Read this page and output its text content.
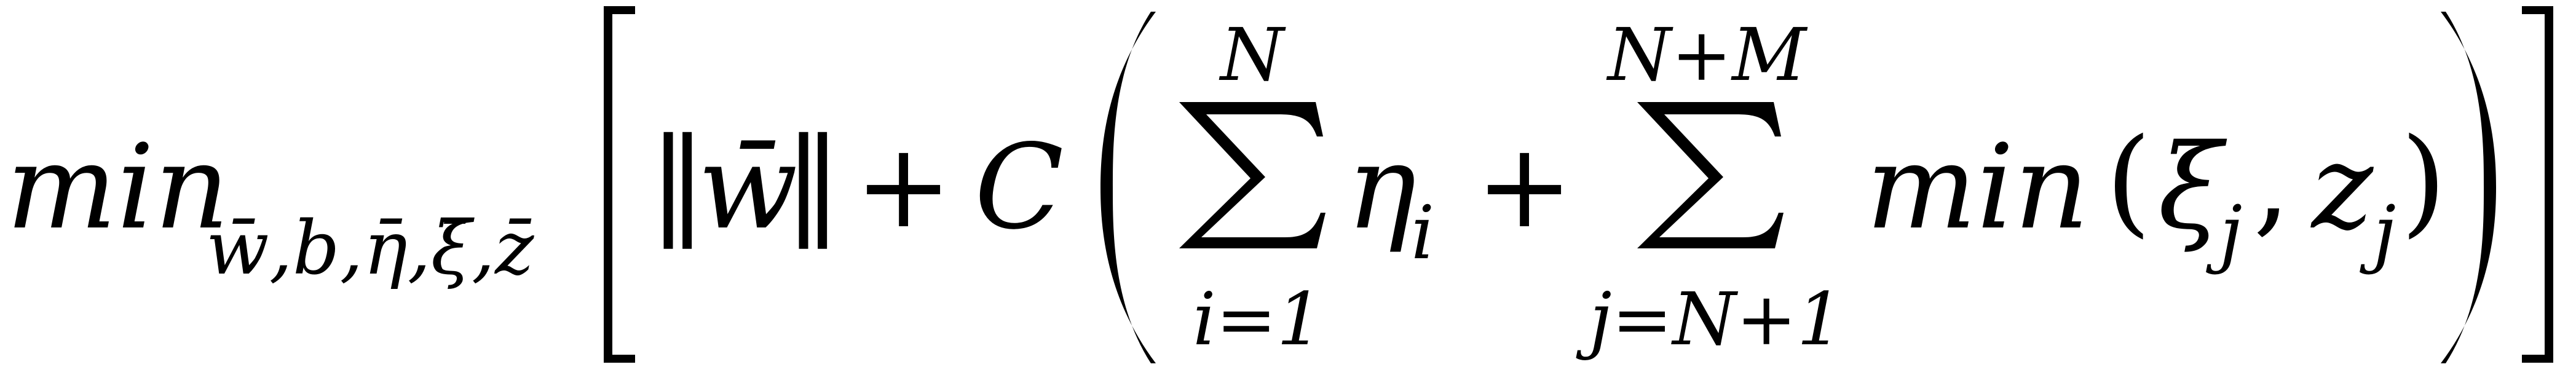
min
w̄,b,η̄,ξ̄,z̄ ‖
w̄
‖ + C
N
i=1
η
i +
N+M
j=N+1
min ( ξ
j , z j )
